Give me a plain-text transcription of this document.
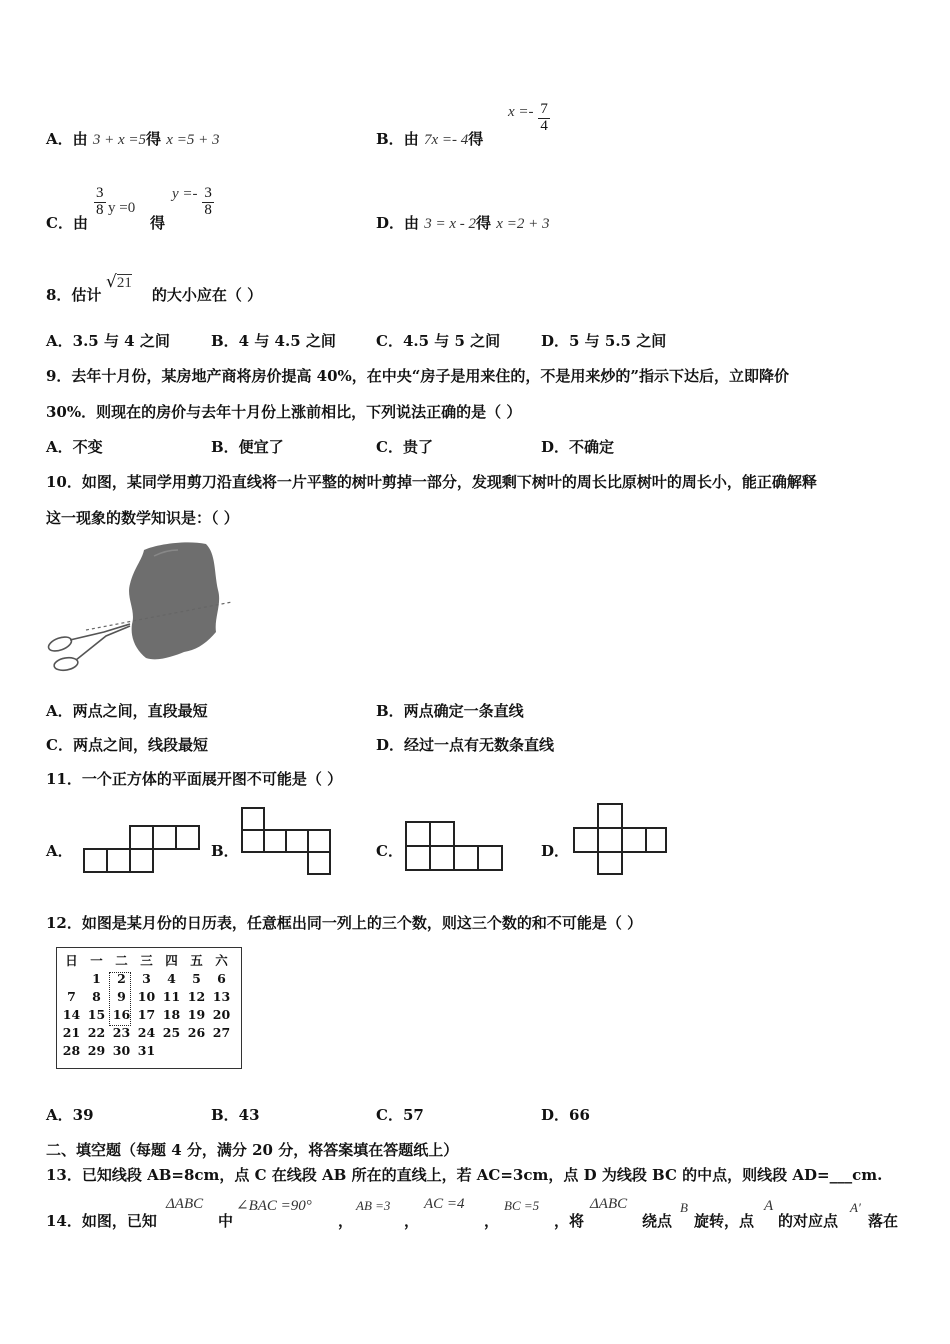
A．由 3 + x =5得 x =5 + 3	B．由 7x =- 4得
$x =- \frac{7}{4}$
C．由
$\frac{3}{8}$ y =0
得
$y =- \frac{3}{8}$
D．由 3 = x - 2得 x =2 + 3
8．估计	的大小应在（ ）
√21
A．3.5 与 4 之间	B．4 与 4.5 之间	C．4.5 与 5 之间	D．5 与 5.5 之间
9．去年十月份，某房地产商将房价提高 40%，在中央“房子是用来住的，不是用来炒的”指示下达后，立即降价
30%．则现在的房价与去年十月份上涨前相比，下列说法正确的是（ ）
A．不变	B．便宜了	C．贵了	D．不确定
10．如图，某同学用剪刀沿直线将一片平整的树叶剪掉一部分，发现剩下树叶的周长比原树叶的周长小，能正确解释
这一现象的数学知识是：（ ）
A．两点之间，直段最短	B．两点确定一条直线
C．两点之间，线段最短	D．经过一点有无数条直线
11．一个正方体的平面展开图不可能是（ ）
A．	B．	C．	D．
12．如图是某月份的日历表，任意框出同一列上的三个数，则这三个数的和不可能是（ ）
日	一	二	三	四	五	六
	1	2	3	4	5	6
7	8	9	10	11	12	13
14	15	16	17	18	19	20
21	22	23	24	25	26	27
28	29	30	31			
A．39	B．43	C．57	D．66
二、填空题（每题 4 分，满分 20 分，将答案填在答题纸上）
13．已知线段 AB=8cm，点 C 在线段 AB 所在的直线上，若 AC=3cm，点 D 为线段 BC 的中点，则线段 AD=___cm.
14．如图，已知
ΔABC
中
∠BAC =90°
，
AB =3
，
AC =4
，
BC =5
，将
ΔABC
绕点
B
旋转，点
A
的对应点
A′
落在
